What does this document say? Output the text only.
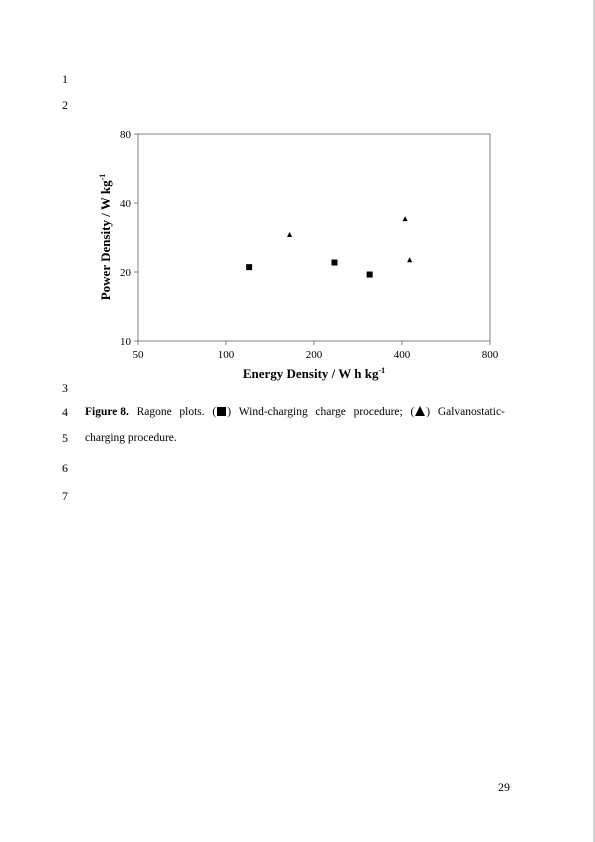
1
2
3
4
5
6
7
50	100	200	400	800
10
20
40
80
Energy Density / W h $kg^{-1}$
Power Density / W $kg^{-1}$
Figure 8. Ragone plots. ( ) Wind-charging charge procedure; ( ) Galvanostatic-
charging procedure.
29
